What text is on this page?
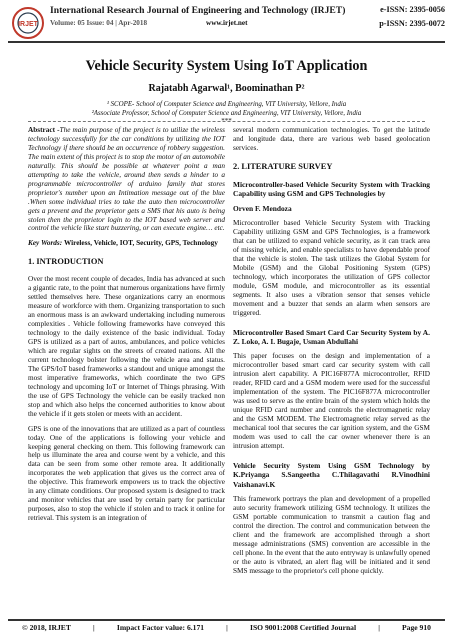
IRJET
International Research Journal of Engineering and Technology (IRJET)
Volume: 05 Issue: 04 | Apr-2018	www.irjet.net
e-ISSN: 2395-0056
p-ISSN: 2395-0072
Vehicle Security System Using IoT Application
Rajatabh Agarwal¹, Boominathan P²
¹ SCOPE- School of Computer Science and Engineering, VIT University, Vellore, India
²Associate Professor, School of Computer Science and Engineering, VIT University, Vellore, India
***

Abstract -The main purpose of the project is to utilize the wireless technology successfully for the car conditions by utilizing the IOT Technology if there should be an occurrence of robbery suggestion. The main extent of this project is to stop the motor of an automobile naturally. This should be possible at whatever point a man attempting to take the vehicle, around then sends a hinder to a programmable microcontroller of arduino family that stores proprietor's number upon an Intimation message out of the blue .When some individual tries to take the auto then microcontroller gets a prevent and the proprietor gets a SMS that his auto is being stolen then the proprietor login to the IOT based web server and control the vehicle like start buzzering, or can execute engine… etc.

Key Words: Wireless, Vehicle, IOT, Security, GPS, Technology

1. INTRODUCTION

Over the most recent couple of decades, India has advanced at such a gigantic rate, to the point that numerous organizations have firmly settled themselves here. These organizations carry an enormous measure of workforce with them. Organizing transportation to such an enormous mass is an awkward undertaking including numerous complexities . Vehicle following frameworks have conveyed this technology to the daily existence of the basic individual. Today GPS is utilized as a part of autos, ambulances, and police vehicles which are regular sights on the streets of created nations. All the current technology bolster following the vehicle area and status. The GPS/IoT based frameworks a standout and unique amongst the most imperative frameworks, which coordinate the two GPS technology and upcoming IoT or Internet of Things phrasing. With the use of GPS Technology the vehicle can be easily tracked non stop and which also helps the concerned authorities to know about the vehicle if it gets stolen or meets with an accident.

GPS is one of the innovations that are utilized as a part of countless today. One of the applications is following your vehicle and keeping general checking on them. This following framework can help us illuminate the area and course went by a vehicle, and this data can be seen from some other remote area. It additionally incorporates the web application that gives us the correct area of the objective. This framework empowers us to track the objective in any climate conditions. Our proposed system is designed to track and monitor vehicles that are used by certain party for particular purposes, also to stop the vehicle if stolen and to track it online for retrieval. This system is an integration of

several modern communication technologies. To get the latitude and longitude data, there are various web based geolocation services.

2. LITERATURE SURVEY
Microcontroller-based Vehicle Security System with Tracking Capability using GSM and GPS Technologies by

Orven F. Mendoza

Microcontroller based Vehicle Security System with Tracking Capability utilizing GSM and GPS Technologies, is a framework that can be utilized to expand vehicle security, as it can track area of missing vehicle, and enable specialists to have dependable proof that the vehicle is stolen. The task utilizes the Global System for Mobile (GSM) and the Global Positioning System (GPS) technology, which incorporates the utilization of GPS collector module, GSM module, and microcontroller as its essential segments. It also uses a vibration sensor that senses vehicle movement and a buzzer that sends an alarm when sensors are triggered.

Microcontroller Based Smart Card Car Security System by A. Z. Loko, A. I. Bugaje, Usman Abdullahi

This paper focuses on the design and implementation of a microcontroller based smart card car security system with call intrusion alert capability. A PIC16F877A microcontroller, RFID reader, RFID card and a GSM modem were used for the successful implementation of the system. The PIC16F877A microcontroller was used to serve as the entire brain of the system which holds the unique RFID card number and controls the electromagnetic relay and the GSM MODEM. The Electromagnetic relay served as the mechanical tool that secures the car ignition system, and the GSM modem was used to call the car owner whenever there is an intrusion attempt.

Vehicle Security System Using GSM Technology by K.Priyanga S.Sangeetha C.Thilagavathi R.Vinodhini Vaishanavi.K

This framework portrays the plan and development of a propelled auto security framework utilizing GSM technology. It utilizes the GSM portable communication to transmit a caution flag and control the direction. The control and communication between the client and the framework are accomplished through a short message administrations (SMS) convention are accessible in the cell phone. In the event that the auto entryway is unlawfully opened or the auto is vibrated, an alert flag will be initiated and it send SMS message to the proprietor's cell phone quickly.

© 2018, IRJET	|	Impact Factor value: 6.171	|	ISO 9001:2008 Certified Journal	|	Page 910
